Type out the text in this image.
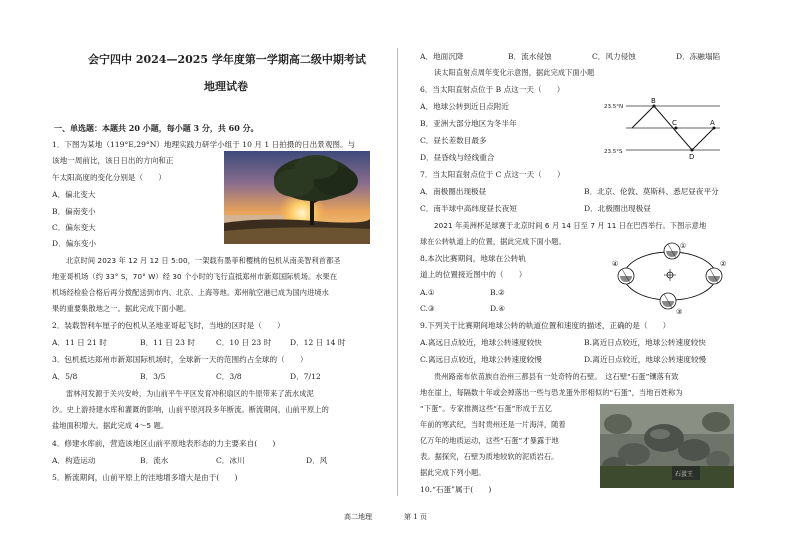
会宁四中 2024—2025 学年度第一学期高二级中期考试
地理试卷
一、单选题：本题共 20 小题，每小题 3 分，共 60 分。
1．下图为某地（119°E,29°N）地理实践力研学小组于 10 月 1 日拍摄的日出景观图。与
该地一周前比，该日日出的方向和正
午太阳高度的变化分别是（　　）
A．偏北变大
B．偏南变小
C．偏东变大
D．偏东变小
北京时间 2023 年 12 月 12 日 5:00，一架载有墨菲和樱桃的包机从南美智利首都圣
地亚哥机场（约 33° S，70° W）经 30 个小时的飞行直抵郑州市新郑国际机场。水果在
机场经检验合格后再分拨配送到市内、北京、上海等地。郑州航空港已成为国内进境水
果的重要集散地之一。据此完成下面小题。
2．装载智利车厘子的包机从圣地亚哥起飞时，当地的区时是（　　）
A．11 日 21 时	B．11 日 23 时	C．10 日 23 时 D．12 日 14 时
3．包机抵达郑州市新郑国际机场时，全球新一天的范围约占全球的（　　）
A．5/8	B．3/5	C．3/8	D．7/12
雷林河发源于关兴安岭，为山前平牛平区发育冲积扇区的牛原带来了流水成泥
沙。史上游持建水库和灌溉的影响，山前平原河段多年断流。断流期间，山前平原上的
盐地面积增大。据此完成 4～5 题。
4．修建水库前，营造该地区山前平原地表形态的力主要来自(　　)
A．构造运动	B．流水	C．冰川	D．风
5．断流期间，山前平原上的洼地增多增大是由于(　　)
A．地面沉降	B．流水侵蚀	C．风力侵蚀	D．冻融塌陷
读太阳直射点周年变化示意图，据此完成下面小题
6．当太阳直射点位于 B 点这一天（　　）
A．地球公转到近日点附近
B．亚洲大部分地区为冬半年
C．昼长差数目最多
D．昼昏线与经线重合
23.5°N
23.5°S
B
C
D
A
7．当太阳直射点位于 C 点这一天（　　）
A．南极圈出现极昼	B．北京、伦敦、莫斯科、悉尼昼夜平分
C．南半球中高纬度昼长夜短	D．北极圈出现极昼
2021 年美洲杯足球赛于北京时间 6 月 14 日至 7 月 11 日在巴西举行。下图示意地
球在公转轨道上的位置，据此完成下面小题。
8.本次比赛期间，地球在公转轨
道上的位置接近图中的（　　）
A.①	B.②
C.③	D.④
①
②
③
④
9.下列关于比赛期间地球公转的轨道位置和速度的描述，正确的是（　　）
A.离远日点较近，地球公转速度较快	B.离近日点较近，地球公转速度较快
C.离远日点较近，地球公转速度较慢	D.离近日点较近，地球公转速度较慢
贵州路南布依苗族自治州三都县有一处奇特的石壁。　这石壁“石蛋”镶落有致
地在崖上，每隔数十年或会掉落出一些与恐龙蛋外形相似的“石蛋”，当地百姓称为
“下蛋”。专家推测这些“石蛋”形成于五亿
年前的寒武纪，当时贵州还是一片海洋，随着
亿万年的地质运动，这些“石蛋”才暴露于地
表。据探究，石壁为质地较软的泥质岩石。
据此完成下列小题。	石蛋王
10.“石蛋”属于(　　)
高二地理	第 1 页
